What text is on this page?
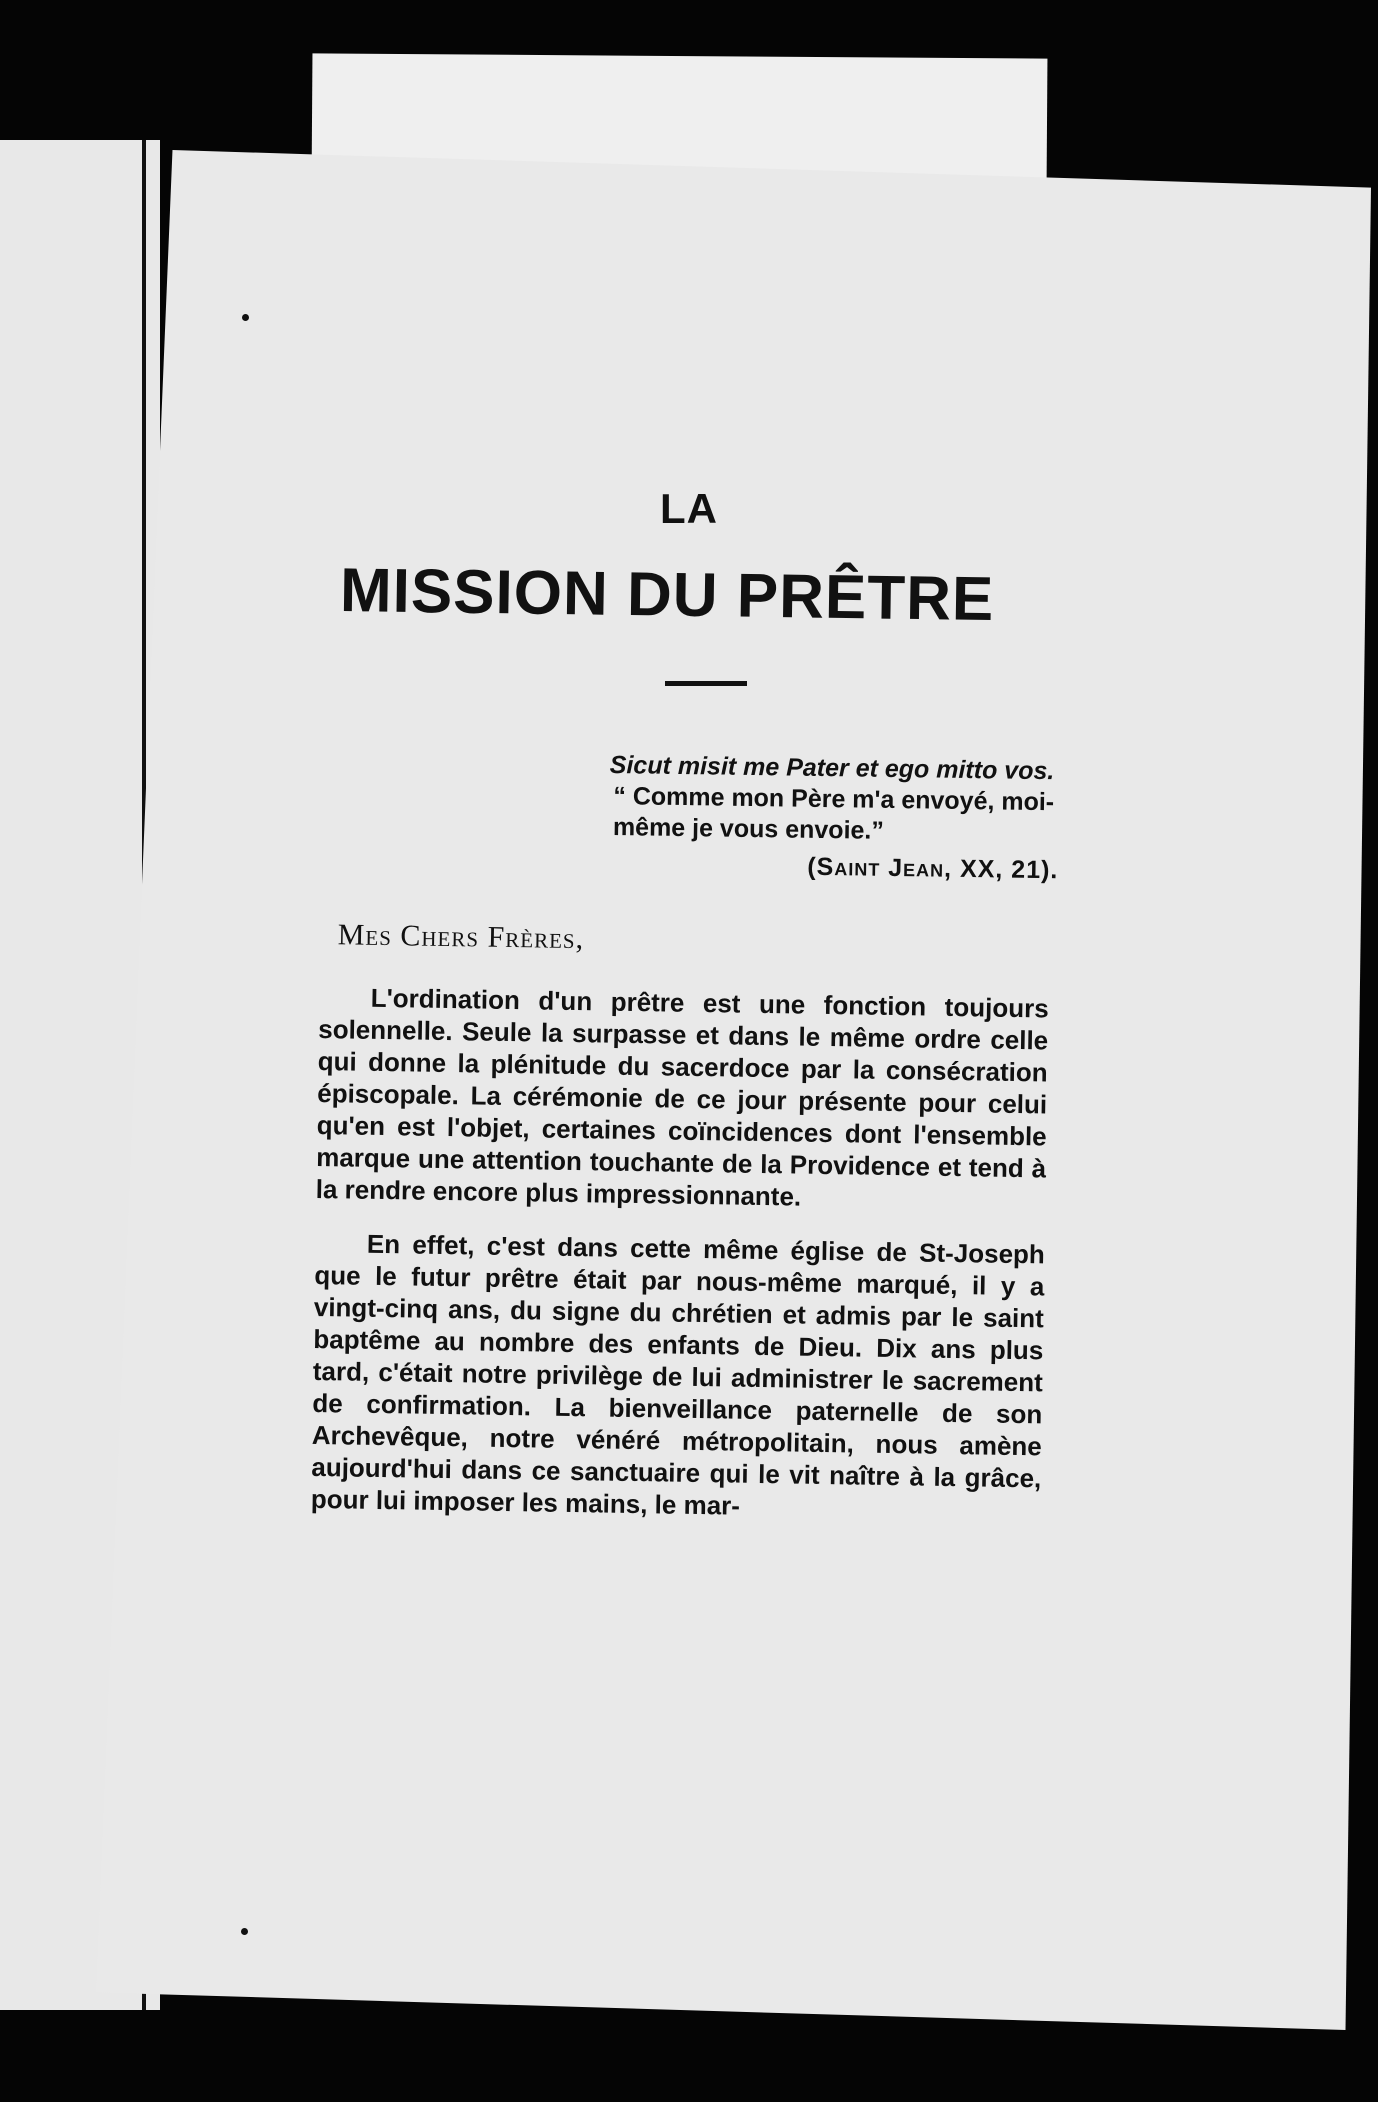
LA
MISSION DU PRÊTRE
Sicut misit me Pater et ego mitto vos.
“ Comme mon Père m'a envoyé, moi-même je vous envoie.”
(Saint Jean, XX, 21).
Mes Chers Frères,

L'ordination d'un prêtre est une fonction toujours solennelle. Seule la surpasse et dans le même ordre celle qui donne la plénitude du sacerdoce par la consécration épiscopale. La cérémonie de ce jour présente pour celui qu'en est l'objet, certaines coïncidences dont l'ensemble marque une attention touchante de la Providence et tend à la rendre encore plus impressionnante.

En effet, c'est dans cette même église de St-Joseph que le futur prêtre était par nous-même marqué, il y a vingt-cinq ans, du signe du chrétien et admis par le saint baptême au nombre des enfants de Dieu. Dix ans plus tard, c'était notre privilège de lui administrer le sacrement de confirmation. La bienveillance paternelle de son Archevêque, notre vénéré métropolitain, nous amène aujourd'hui dans ce sanctuaire qui le vit naître à la grâce, pour lui imposer les mains, le mar-
